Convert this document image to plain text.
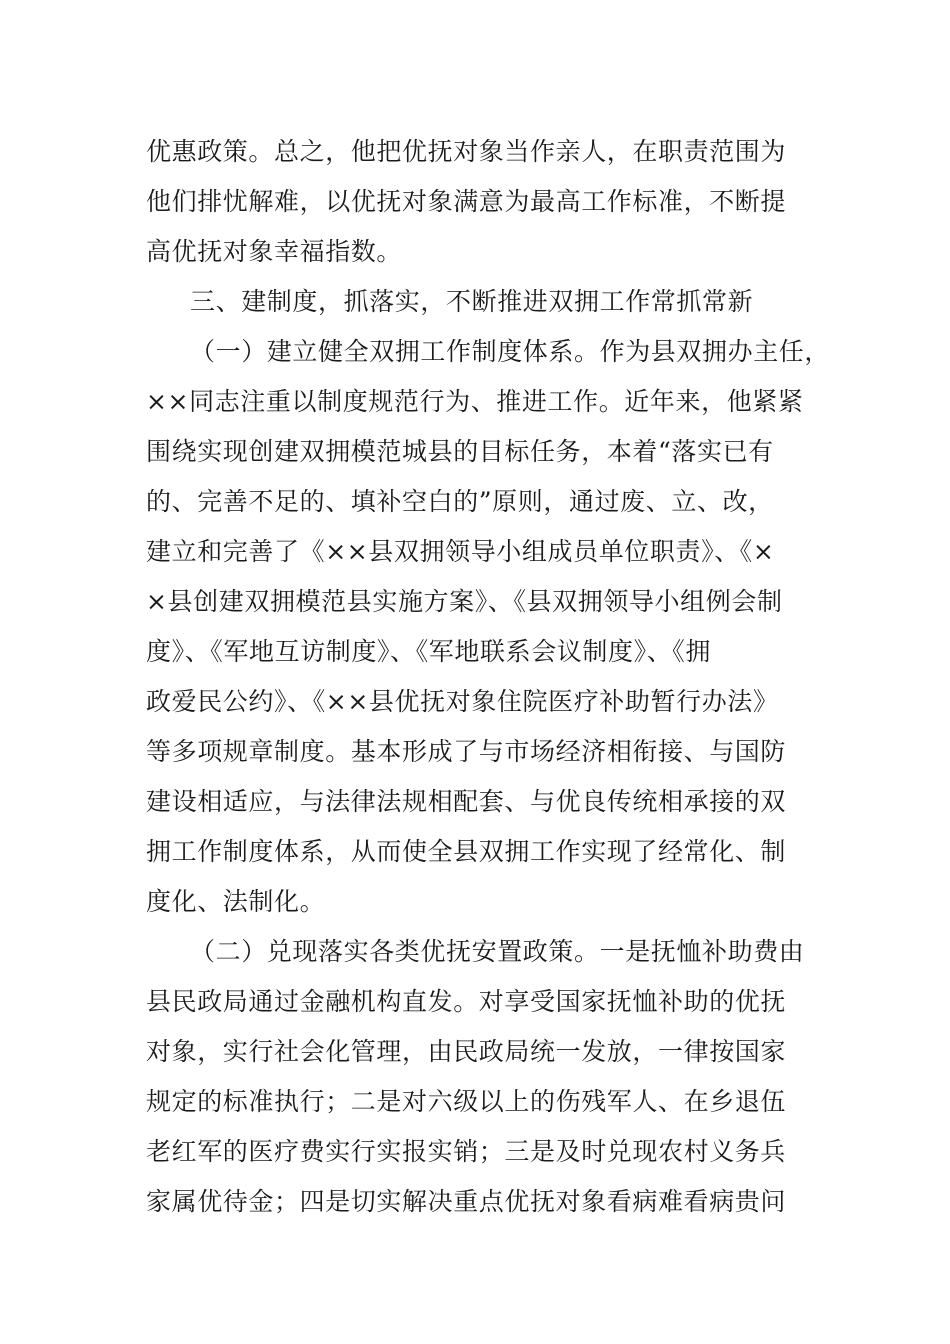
优惠政策。总之，他把优抚对象当作亲人，在职责范围为
他们排忧解难，以优抚对象满意为最高工作标准，不断提
高优抚对象幸福指数。
三、建制度，抓落实，不断推进双拥工作常抓常新
（一）建立健全双拥工作制度体系。作为县双拥办主任，
××同志注重以制度规范行为、推进工作。近年来，他紧紧
围绕实现创建双拥模范城县的目标任务，本着“落实已有
的、完善不足的、填补空白的”原则，通过废、立、改，
建立和完善了《××县双拥领导小组成员单位职责》、《×
×县创建双拥模范县实施方案》、《县双拥领导小组例会制
度》、《军地互访制度》、《军地联系会议制度》、《拥
政爱民公约》、《××县优抚对象住院医疗补助暂行办法》
等多项规章制度。基本形成了与市场经济相衔接、与国防
建设相适应，与法律法规相配套、与优良传统相承接的双
拥工作制度体系，从而使全县双拥工作实现了经常化、制
度化、法制化。
（二）兑现落实各类优抚安置政策。一是抚恤补助费由
县民政局通过金融机构直发。对享受国家抚恤补助的优抚
对象，实行社会化管理，由民政局统一发放，一律按国家
规定的标准执行；二是对六级以上的伤残军人、在乡退伍
老红军的医疗费实行实报实销；三是及时兑现农村义务兵
家属优待金；四是切实解决重点优抚对象看病难看病贵问
